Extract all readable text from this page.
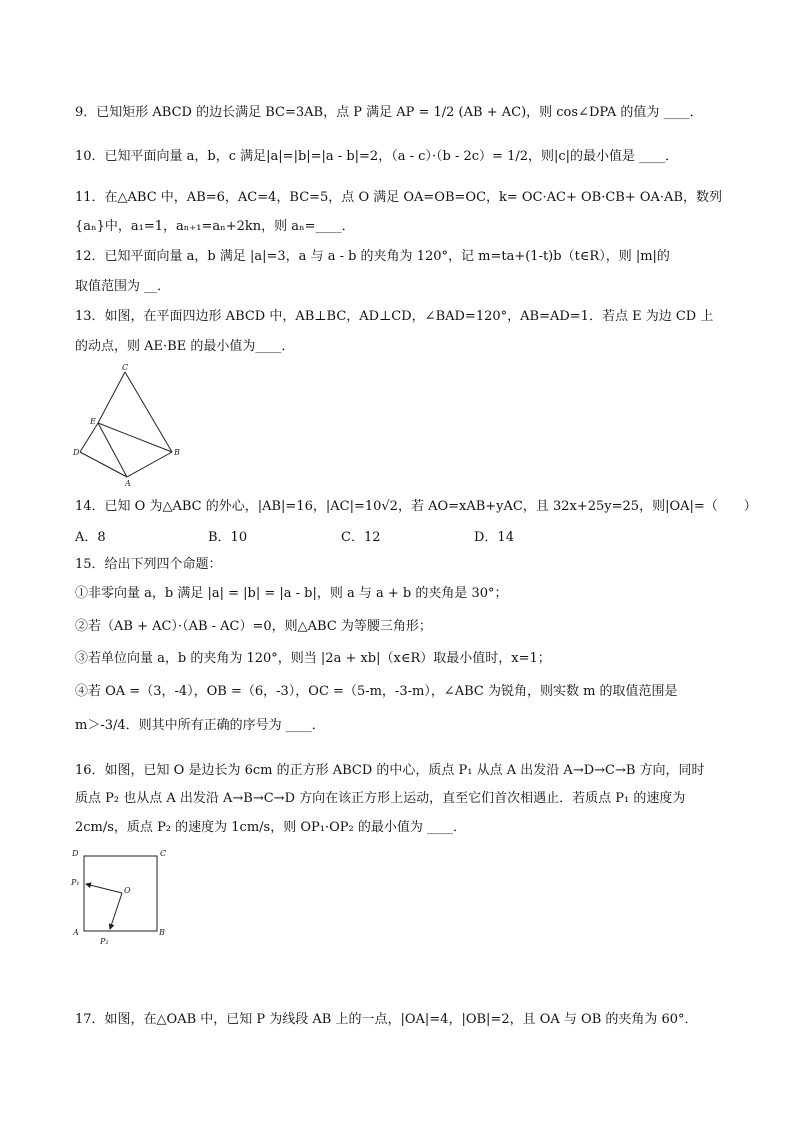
9．已知矩形 ABCD 的边长满足 BC=3AB，点 P 满足 AP = 1/2 (AB + AC)，则 cos∠DPA 的值为 ____．
10．已知平面向量 a，b，c 满足|a|=|b|=|a - b|=2，（a - c）·（b - 2c）= 1/2，则|c|的最小值是 ____．
11．在△ABC 中，AB=6，AC=4，BC=5，点 O 满足 OA=OB=OC，k= OC·AC+ OB·CB+ OA·AB，数列
{aₙ}中，a₁=1，aₙ₊₁=aₙ+2kn，则 aₙ=____．
12．已知平面向量 a，b 满足 |a|=3，a 与 a - b 的夹角为 120°，记 m=ta+(1-t)b（t∈R），则 |m|的
取值范围为 __．
13．如图，在平面四边形 ABCD 中，AB⊥BC，AD⊥CD，∠BAD=120°，AB=AD=1．若点 E 为边 CD 上
的动点，则 AE·BE 的最小值为____．
C
E
D	B
A
14．已知 O 为△ABC 的外心，|AB|=16，|AC|=10√2，若 AO=xAB+yAC，且 32x+25y=25，则|OA|=（　　）
A．8	B．10	C．12	D．14
15．给出下列四个命题：
①非零向量 a，b 满足 |a| = |b| = |a - b|，则 a 与 a + b 的夹角是 30°；
②若（AB + AC）·（AB - AC）=0，则△ABC 为等腰三角形；
③若单位向量 a，b 的夹角为 120°，则当 |2a + xb|（x∈R）取最小值时，x=1；
④若 OA =（3，-4），OB =（6，-3），OC =（5-m，-3-m），∠ABC 为锐角，则实数 m 的取值范围是
m＞-3/4．则其中所有正确的序号为 ____．
16．如图，已知 O 是边长为 6cm 的正方形 ABCD 的中心，质点 P₁ 从点 A 出发沿 A→D→C→B 方向，同时
质点 P₂ 也从点 A 出发沿 A→B→C→D 方向在该正方形上运动，直至它们首次相遇止．若质点 P₁ 的速度为
2cm/s，质点 P₂ 的速度为 1cm/s，则 OP₁·OP₂ 的最小值为 ____．
D	C
A	B
O
P₁
P₂
17．如图，在△OAB 中，已知 P 为线段 AB 上的一点，|OA|=4，|OB|=2，且 OA 与 OB 的夹角为 60°．
